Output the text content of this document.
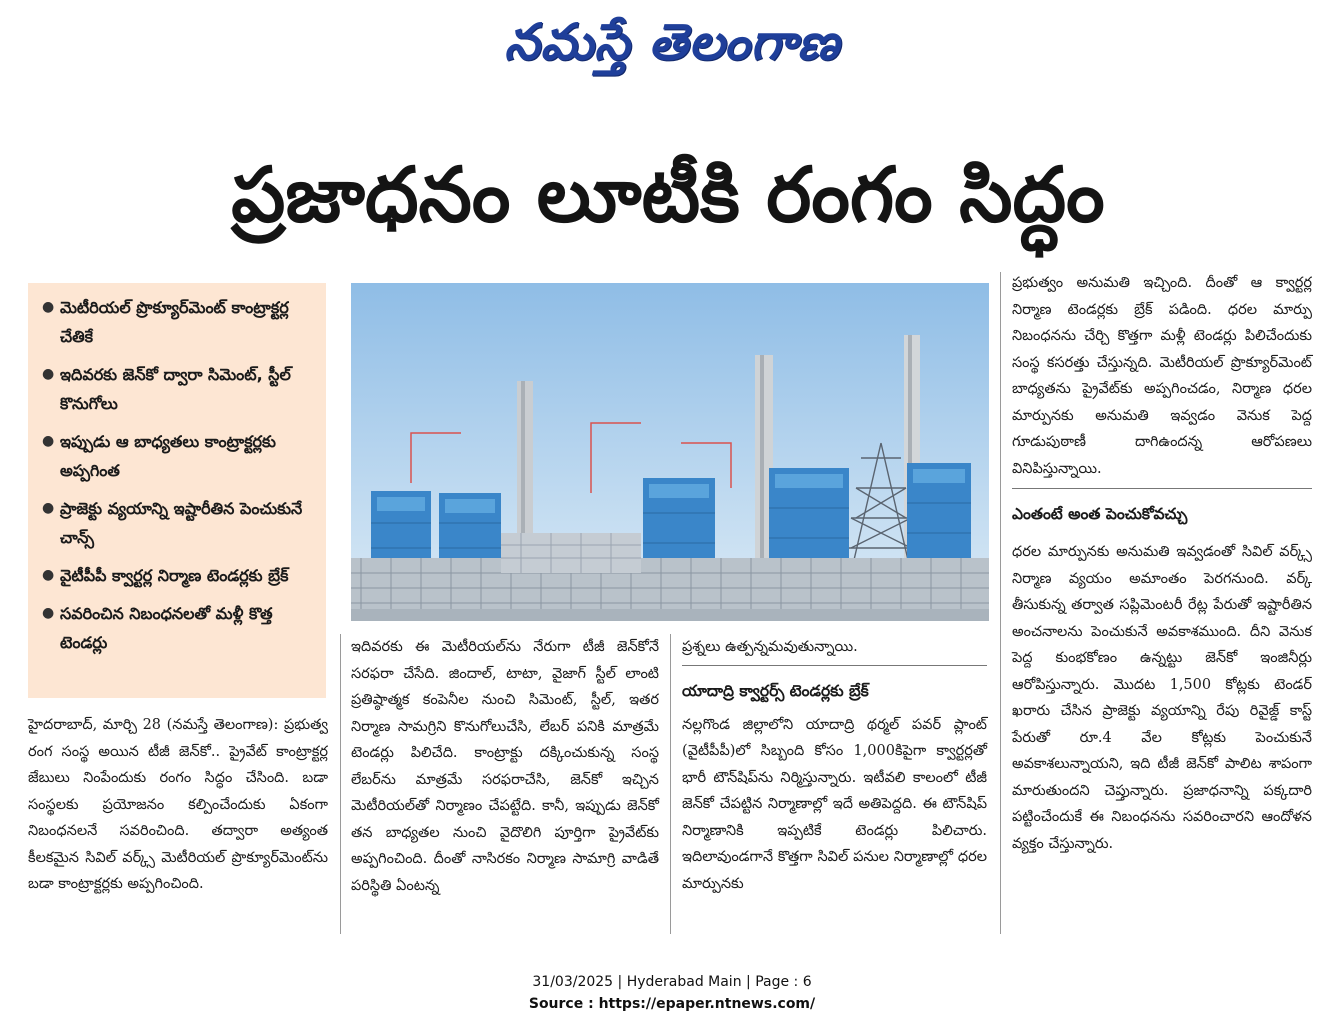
నమస్తే తెలంగాణ
ప్రజాధనం లూటీకి రంగం సిద్ధం
● మెటీరియల్ ప్రొక్యూర్‌మెంట్ కాంట్రాక్టర్ల చేతికే
● ఇదివరకు జెన్‌కో ద్వారా సిమెంట్, స్టీల్ కొనుగోలు
● ఇప్పుడు ఆ బాధ్యతలు కాంట్రాక్టర్లకు అప్పగింత
● ప్రాజెక్టు వ్యయాన్ని ఇష్టారీతిన పెంచుకునే చాన్స్
● వైటీపీపీ క్వార్టర్ల నిర్మాణ టెండర్లకు బ్రేక్
● సవరించిన నిబంధనలతో మళ్లీ కొత్త టెండర్లు

హైదరాబాద్, మార్చి 28 (నమస్తే తెలంగాణ): ప్రభుత్వ రంగ సంస్థ అయిన టీజీ జెన్‌కో.. ప్రైవేట్ కాంట్రాక్టర్ల జేబులు నింపేందుకు రంగం సిద్ధం చేసింది. బడా సంస్థలకు ప్రయోజనం కల్పించేందుకు ఏకంగా నిబంధనలనే సవరించింది. తద్వారా అత్యంత కీలకమైన సివిల్ వర్క్స్ మెటీరియల్ ప్రొక్యూర్‌మెంట్‌ను బడా కాంట్రాక్టర్లకు అప్పగించింది.

ఇదివరకు ఈ మెటీరియల్‌ను నేరుగా టీజీ జెన్‌కోనే సరఫరా చేసేది. జిందాల్, టాటా, వైజాగ్ స్టీల్ లాంటి ప్రతిష్ఠాత్మక కంపెనీల నుంచి సిమెంట్, స్టీల్, ఇతర నిర్మాణ సామగ్రిని కొనుగోలుచేసి, లేబర్ పనికి మాత్రమే టెండర్లు పిలిచేది. కాంట్రాక్టు దక్కించుకున్న సంస్థ లేబర్‌ను మాత్రమే సరఫరాచేసి, జెన్‌కో ఇచ్చిన మెటీరియల్‌తో నిర్మాణం చేపట్టేది. కానీ, ఇప్పుడు జెన్‌కో తన బాధ్యతల నుంచి వైదొలిగి పూర్తిగా ప్రైవేట్‌కు అప్పగించింది. దీంతో నాసిరకం నిర్మాణ సామాగ్రి వాడితే పరిస్థితి ఏంటన్న

ప్రశ్నలు ఉత్పన్నమవుతున్నాయి.

యాదాద్రి క్వార్టర్స్ టెండర్లకు బ్రేక్

నల్లగొండ జిల్లాలోని యాదాద్రి థర్మల్ పవర్ ప్లాంట్ (వైటీపీపీ)లో సిబ్బంది కోసం 1,000కిపైగా క్వార్టర్లతో భారీ టౌన్‌షిప్‌ను నిర్మిస్తున్నారు. ఇటీవలి కాలంలో టీజీ జెన్‌కో చేపట్టిన నిర్మాణాల్లో ఇదే అతిపెద్దది. ఈ టౌన్‌షిప్ నిర్మాణానికి ఇప్పటికే టెండర్లు పిలిచారు. ఇదిలావుండగానే కొత్తగా సివిల్ పనుల నిర్మాణాల్లో ధరల మార్పునకు

ప్రభుత్వం అనుమతి ఇచ్చింది. దీంతో ఆ క్వార్టర్ల నిర్మాణ టెండర్లకు బ్రేక్ పడింది. ధరల మార్పు నిబంధనను చేర్చి కొత్తగా మళ్లీ టెండర్లు పిలిచేందుకు సంస్థ కసరత్తు చేస్తున్నది. మెటీరియల్ ప్రొక్యూర్‌మెంట్ బాధ్యతను ప్రైవేట్‌కు అప్పగించడం, నిర్మాణ ధరల మార్పునకు అనుమతి ఇవ్వడం వెనుక పెద్ద గూడుపుఠాణీ దాగిఉందన్న ఆరోపణలు వినిపిస్తున్నాయి.

ఎంతంటే అంత పెంచుకోవచ్చు

ధరల మార్పునకు అనుమతి ఇవ్వడంతో సివిల్ వర్క్స్ నిర్మాణ వ్యయం అమాంతం పెరగనుంది. వర్క్ తీసుకున్న తర్వాత సప్లిమెంటరీ రేట్ల పేరుతో ఇష్టారీతిన అంచనాలను పెంచుకునే అవకాశముంది. దీని వెనుక పెద్ద కుంభకోణం ఉన్నట్టు జెన్‌కో ఇంజినీర్లు ఆరోపిస్తున్నారు. మొదట 1,500 కోట్లకు టెండర్ ఖరారు చేసిన ప్రాజెక్టు వ్యయాన్ని రేపు రివైజ్డ్ కాస్ట్ పేరుతో రూ.4 వేల కోట్లకు పెంచుకునే అవకాశలున్నాయని, ఇది టీజీ జెన్‌కో పాలిట శాపంగా మారుతుందని చెప్తున్నారు. ప్రజాధనాన్ని పక్కదారి పట్టించేందుకే ఈ నిబంధనను సవరించారని ఆందోళన వ్యక్తం చేస్తున్నారు.

31/03/2025 | Hyderabad Main | Page : 6
Source : https://epaper.ntnews.com/
